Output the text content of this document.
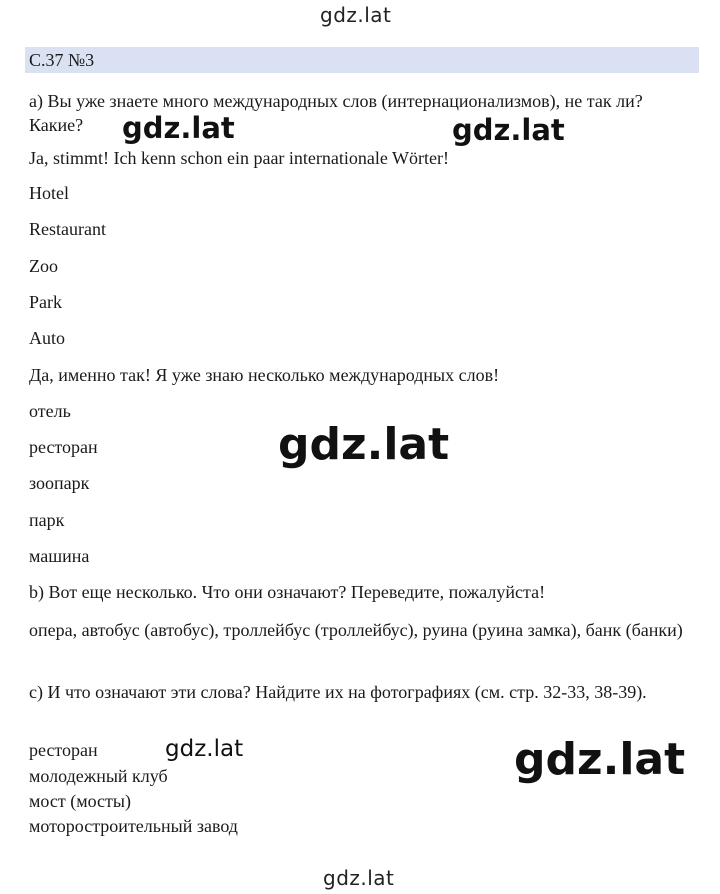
gdz.lat
С.37 №3
а) Вы уже знаете много международных слов (интернационализмов), не так ли? Какие?
Ja, stimmt! Ich kenn schon ein paar internationale Wörter!
Hotel
Restaurant
Zoo
Park
Auto
Да, именно так! Я уже знаю несколько международных слов!
отель
ресторан
зоопарк
парк
машина
b) Вот еще несколько. Что они означают? Переведите, пожалуйста!
опера, автобус (автобус), троллейбус (троллейбус), руина (руина замка), банк (банки)
с) И что означают эти слова? Найдите их на фотографиях (см. стр. 32-33, 38-39).
ресторан
молодежный клуб
мост (мосты)
моторостроительный завод
gdz.lat	gdz.lat
gdz.lat
gdz.lat	gdz.lat
gdz.lat
